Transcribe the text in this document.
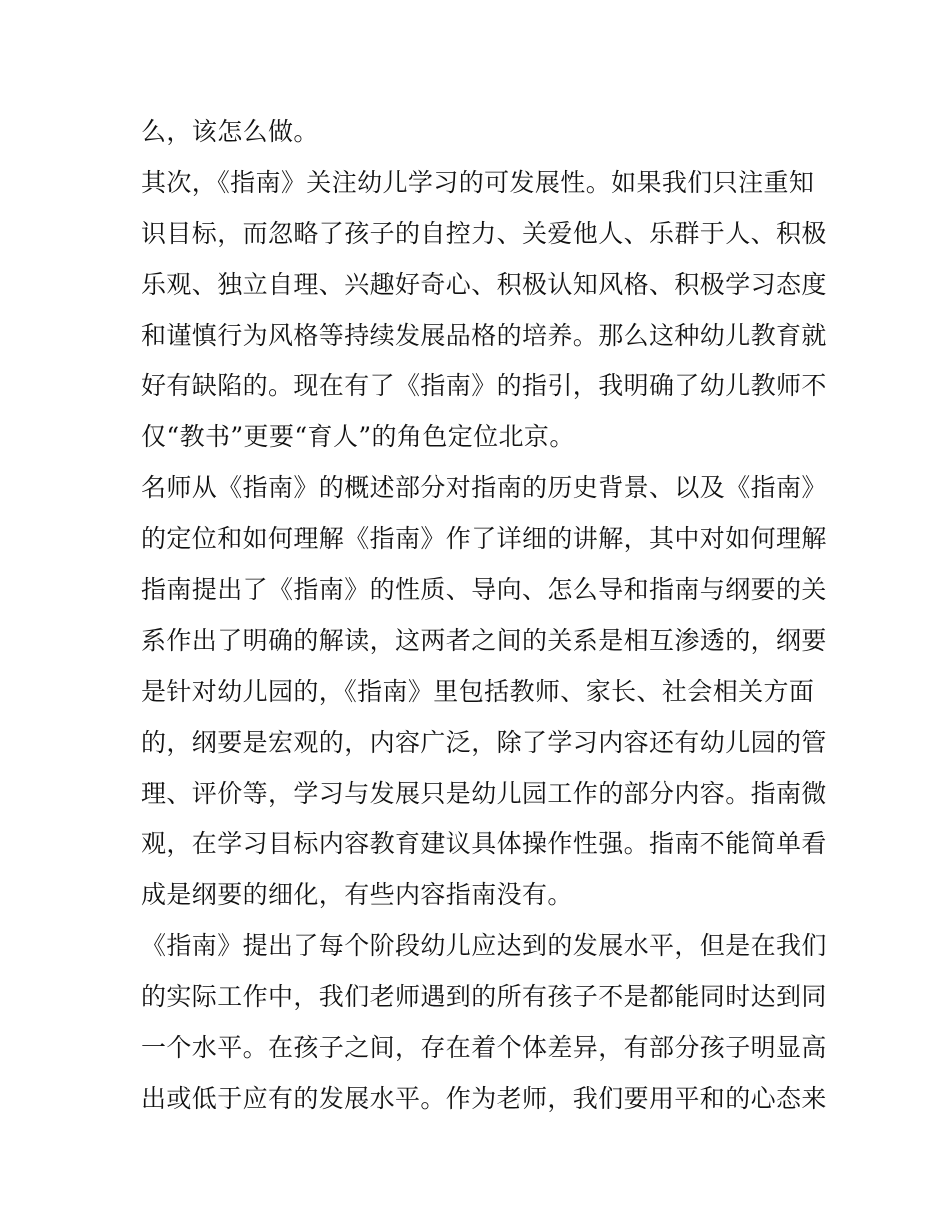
么，该怎么做。
其次，《指南》关注幼儿学习的可发展性。如果我们只注重知
识目标，而忽略了孩子的自控力、关爱他人、乐群于人、积极
乐观、独立自理、兴趣好奇心、积极认知风格、积极学习态度
和谨慎行为风格等持续发展品格的培养。那么这种幼儿教育就
好有缺陷的。现在有了《指南》的指引，我明确了幼儿教师不
仅“教书”更要“育人”的角色定位北京。
名师从《指南》的概述部分对指南的历史背景、以及《指南》
的定位和如何理解《指南》作了详细的讲解，其中对如何理解
指南提出了《指南》的性质、导向、怎么导和指南与纲要的关
系作出了明确的解读，这两者之间的关系是相互渗透的，纲要
是针对幼儿园的，《指南》里包括教师、家长、社会相关方面
的，纲要是宏观的，内容广泛，除了学习内容还有幼儿园的管
理、评价等，学习与发展只是幼儿园工作的部分内容。指南微
观，在学习目标内容教育建议具体操作性强。指南不能简单看
成是纲要的细化，有些内容指南没有。
《指南》提出了每个阶段幼儿应达到的发展水平，但是在我们
的实际工作中，我们老师遇到的所有孩子不是都能同时达到同
一个水平。在孩子之间，存在着个体差异，有部分孩子明显高
出或低于应有的发展水平。作为老师，我们要用平和的心态来
